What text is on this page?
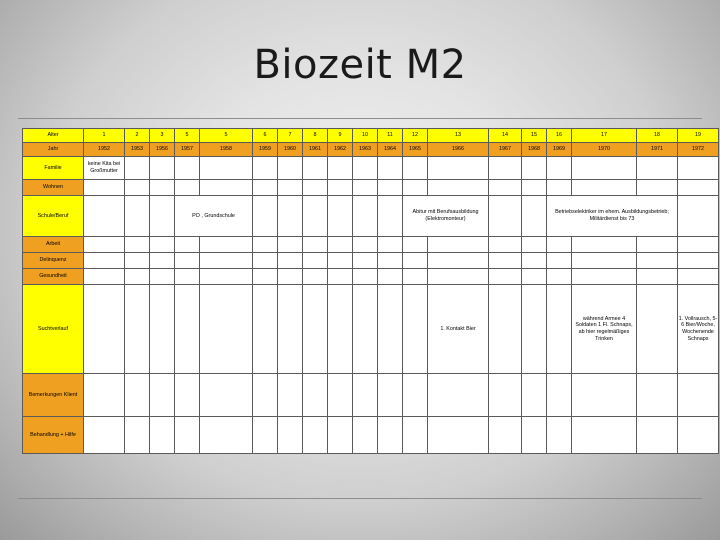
Biozeit M2
Alter	1	2	3	5	5	6	7	8	9	10	11	12	13	14	15	16	17	18	19
Jahr	1952	1953	1956	1957	1958	1959	1960	1961	1962	1963	1964	1965	1966	1967	1968	1969	1970	1971	1972
Familie	keine Kita bei Großmutter																		
Wohnen																			
Schule/Beruf				PO , Grundschule								Abitur mit Berufsausbildung (Elektromonteur)				Betriebselektriker im ehem. Ausbildungsbetrieb; Militärdienst bis 73			
Arbeit																			
Delinquenz																			
Gesundheit																			
Suchtverlauf													1. Kontakt Bier				während Armee 4 Soldaten 1 Fl. Schnaps, ab hier regelmäßiges Trinken		1. Vollrausch, 5-6 Bier/Woche, Wochenende Schnaps
Bemerkungen Klient																			
Behandlung + Hilfe																			
